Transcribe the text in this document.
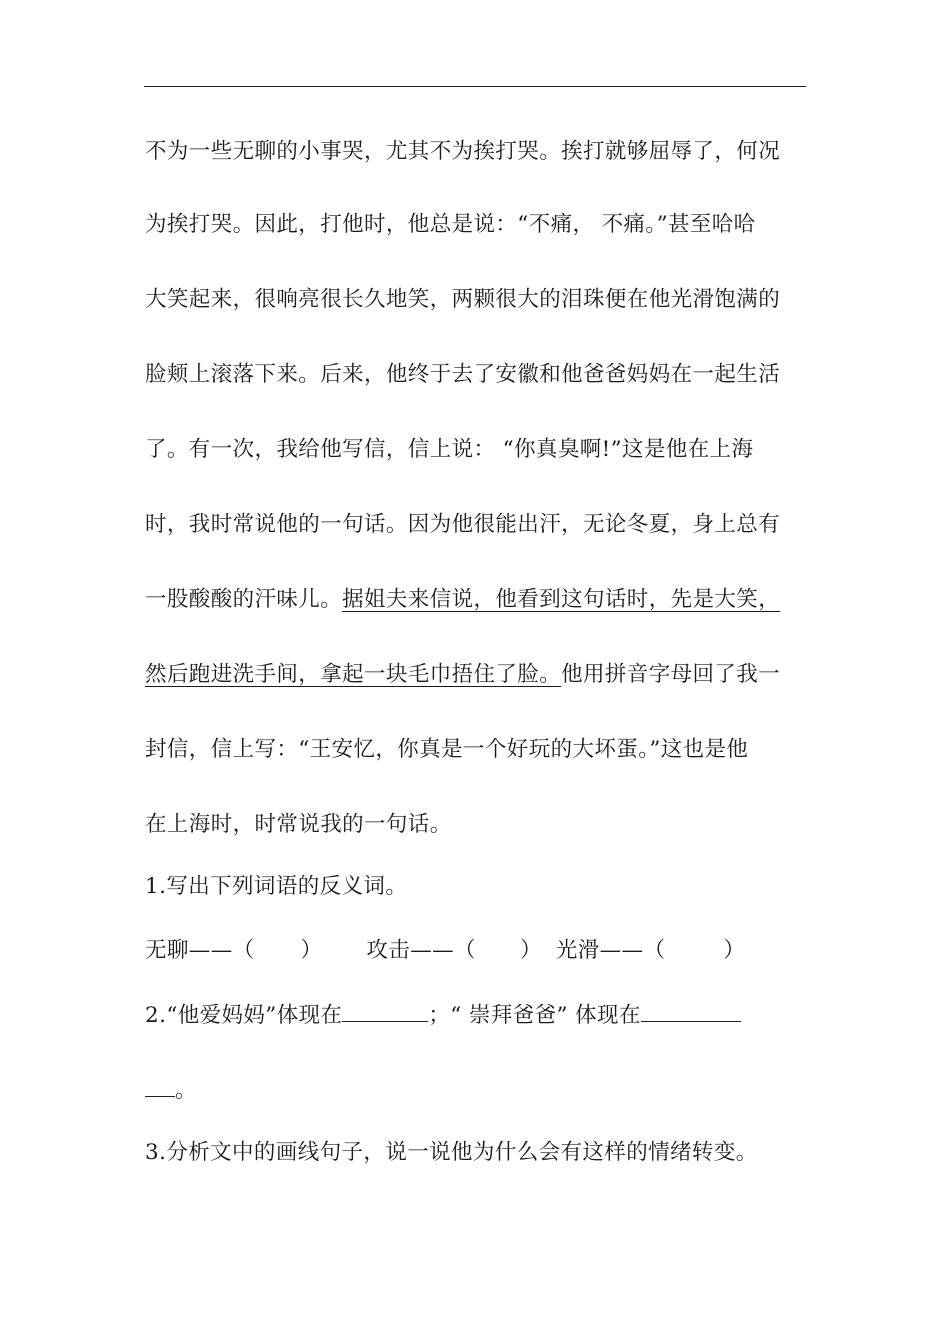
不为一些无聊的小事哭，尤其不为挨打哭。挨打就够屈辱了，何况
为挨打哭。因此，打他时，他总是说：“不痛， 不痛。”甚至哈哈
大笑起来，很响亮很长久地笑，两颗很大的泪珠便在他光滑饱满的
脸颊上滚落下来。后来，他终于去了安徽和他爸爸妈妈在一起生活
了。有一次，我给他写信，信上说： “你真臭啊!”这是他在上海
时，我时常说他的一句话。因为他很能出汗，无论冬夏，身上总有
一股酸酸的汗味儿。据姐夫来信说，他看到这句话时，先是大笑，
然后跑进洗手间，拿起一块毛巾捂住了脸。他用拼音字母回了我一
封信，信上写：“王安忆，你真是一个好玩的大坏蛋。”这也是他
在上海时，时常说我的一句话。
1.写出下列词语的反义词。
无聊——（ ） 攻击——（ ） 光滑——（	）
2.“他爱妈妈”体现在	；“ 崇拜爸爸” 体现在
。
3.分析文中的画线句子，说一说他为什么会有这样的情绪转变。
